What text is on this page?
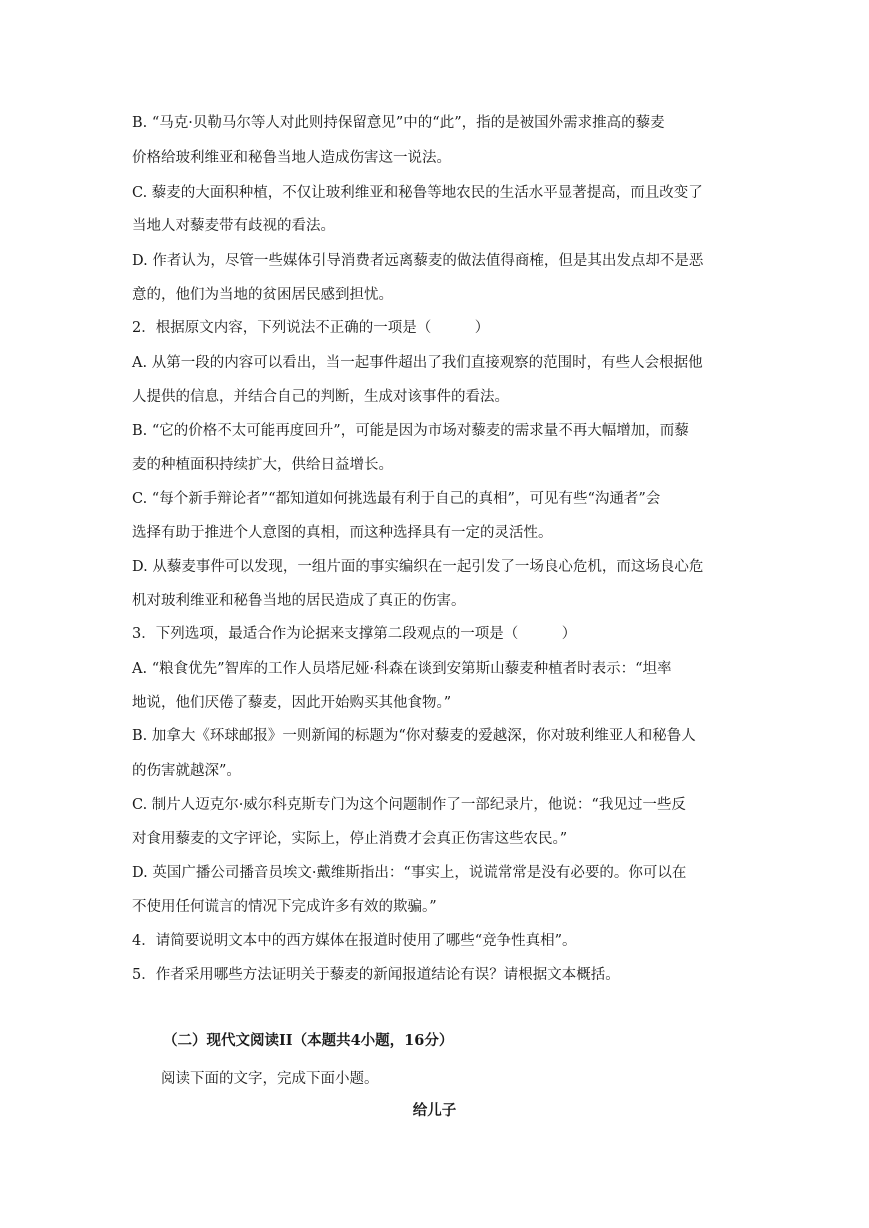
B. “马克·贝勒马尔等人对此则持保留意见”中的“此”，指的是被国外需求推高的藜麦
价格给玻利维亚和秘鲁当地人造成伤害这一说法。
C. 藜麦的大面积种植，不仅让玻利维亚和秘鲁等地农民的生活水平显著提高，而且改变了
当地人对藜麦带有歧视的看法。
D. 作者认为，尽管一些媒体引导消费者远离藜麦的做法值得商榷，但是其出发点却不是恶
意的，他们为当地的贫困居民感到担忧。
2．根据原文内容，下列说法不正确的一项是（　　　）
A. 从第一段的内容可以看出，当一起事件超出了我们直接观察的范围时，有些人会根据他
人提供的信息，并结合自己的判断，生成对该事件的看法。
B. “它的价格不太可能再度回升”，可能是因为市场对藜麦的需求量不再大幅增加，而藜
麦的种植面积持续扩大，供给日益增长。
C. “每个新手辩论者”“都知道如何挑选最有利于自己的真相”，可见有些“沟通者”会
选择有助于推进个人意图的真相，而这种选择具有一定的灵活性。
D. 从藜麦事件可以发现，一组片面的事实编织在一起引发了一场良心危机，而这场良心危
机对玻利维亚和秘鲁当地的居民造成了真正的伤害。
3．下列选项，最适合作为论据来支撑第二段观点的一项是（　　　）
A. “粮食优先”智库的工作人员塔尼娅·科森在谈到安第斯山藜麦种植者时表示：“坦率
地说，他们厌倦了藜麦，因此开始购买其他食物。”
B. 加拿大《环球邮报》一则新闻的标题为“你对藜麦的爱越深，你对玻利维亚人和秘鲁人
的伤害就越深”。
C. 制片人迈克尔·威尔科克斯专门为这个问题制作了一部纪录片，他说：“我见过一些反
对食用藜麦的文字评论，实际上，停止消费才会真正伤害这些农民。”
D. 英国广播公司播音员埃文·戴维斯指出：“事实上，说谎常常是没有必要的。你可以在
不使用任何谎言的情况下完成许多有效的欺骗。”
4．请简要说明文本中的西方媒体在报道时使用了哪些“竞争性真相”。
5．作者采用哪些方法证明关于藜麦的新闻报道结论有误？请根据文本概括。
（二）现代文阅读II（本题共4小题，16分）
阅读下面的文字，完成下面小题。
给儿子
